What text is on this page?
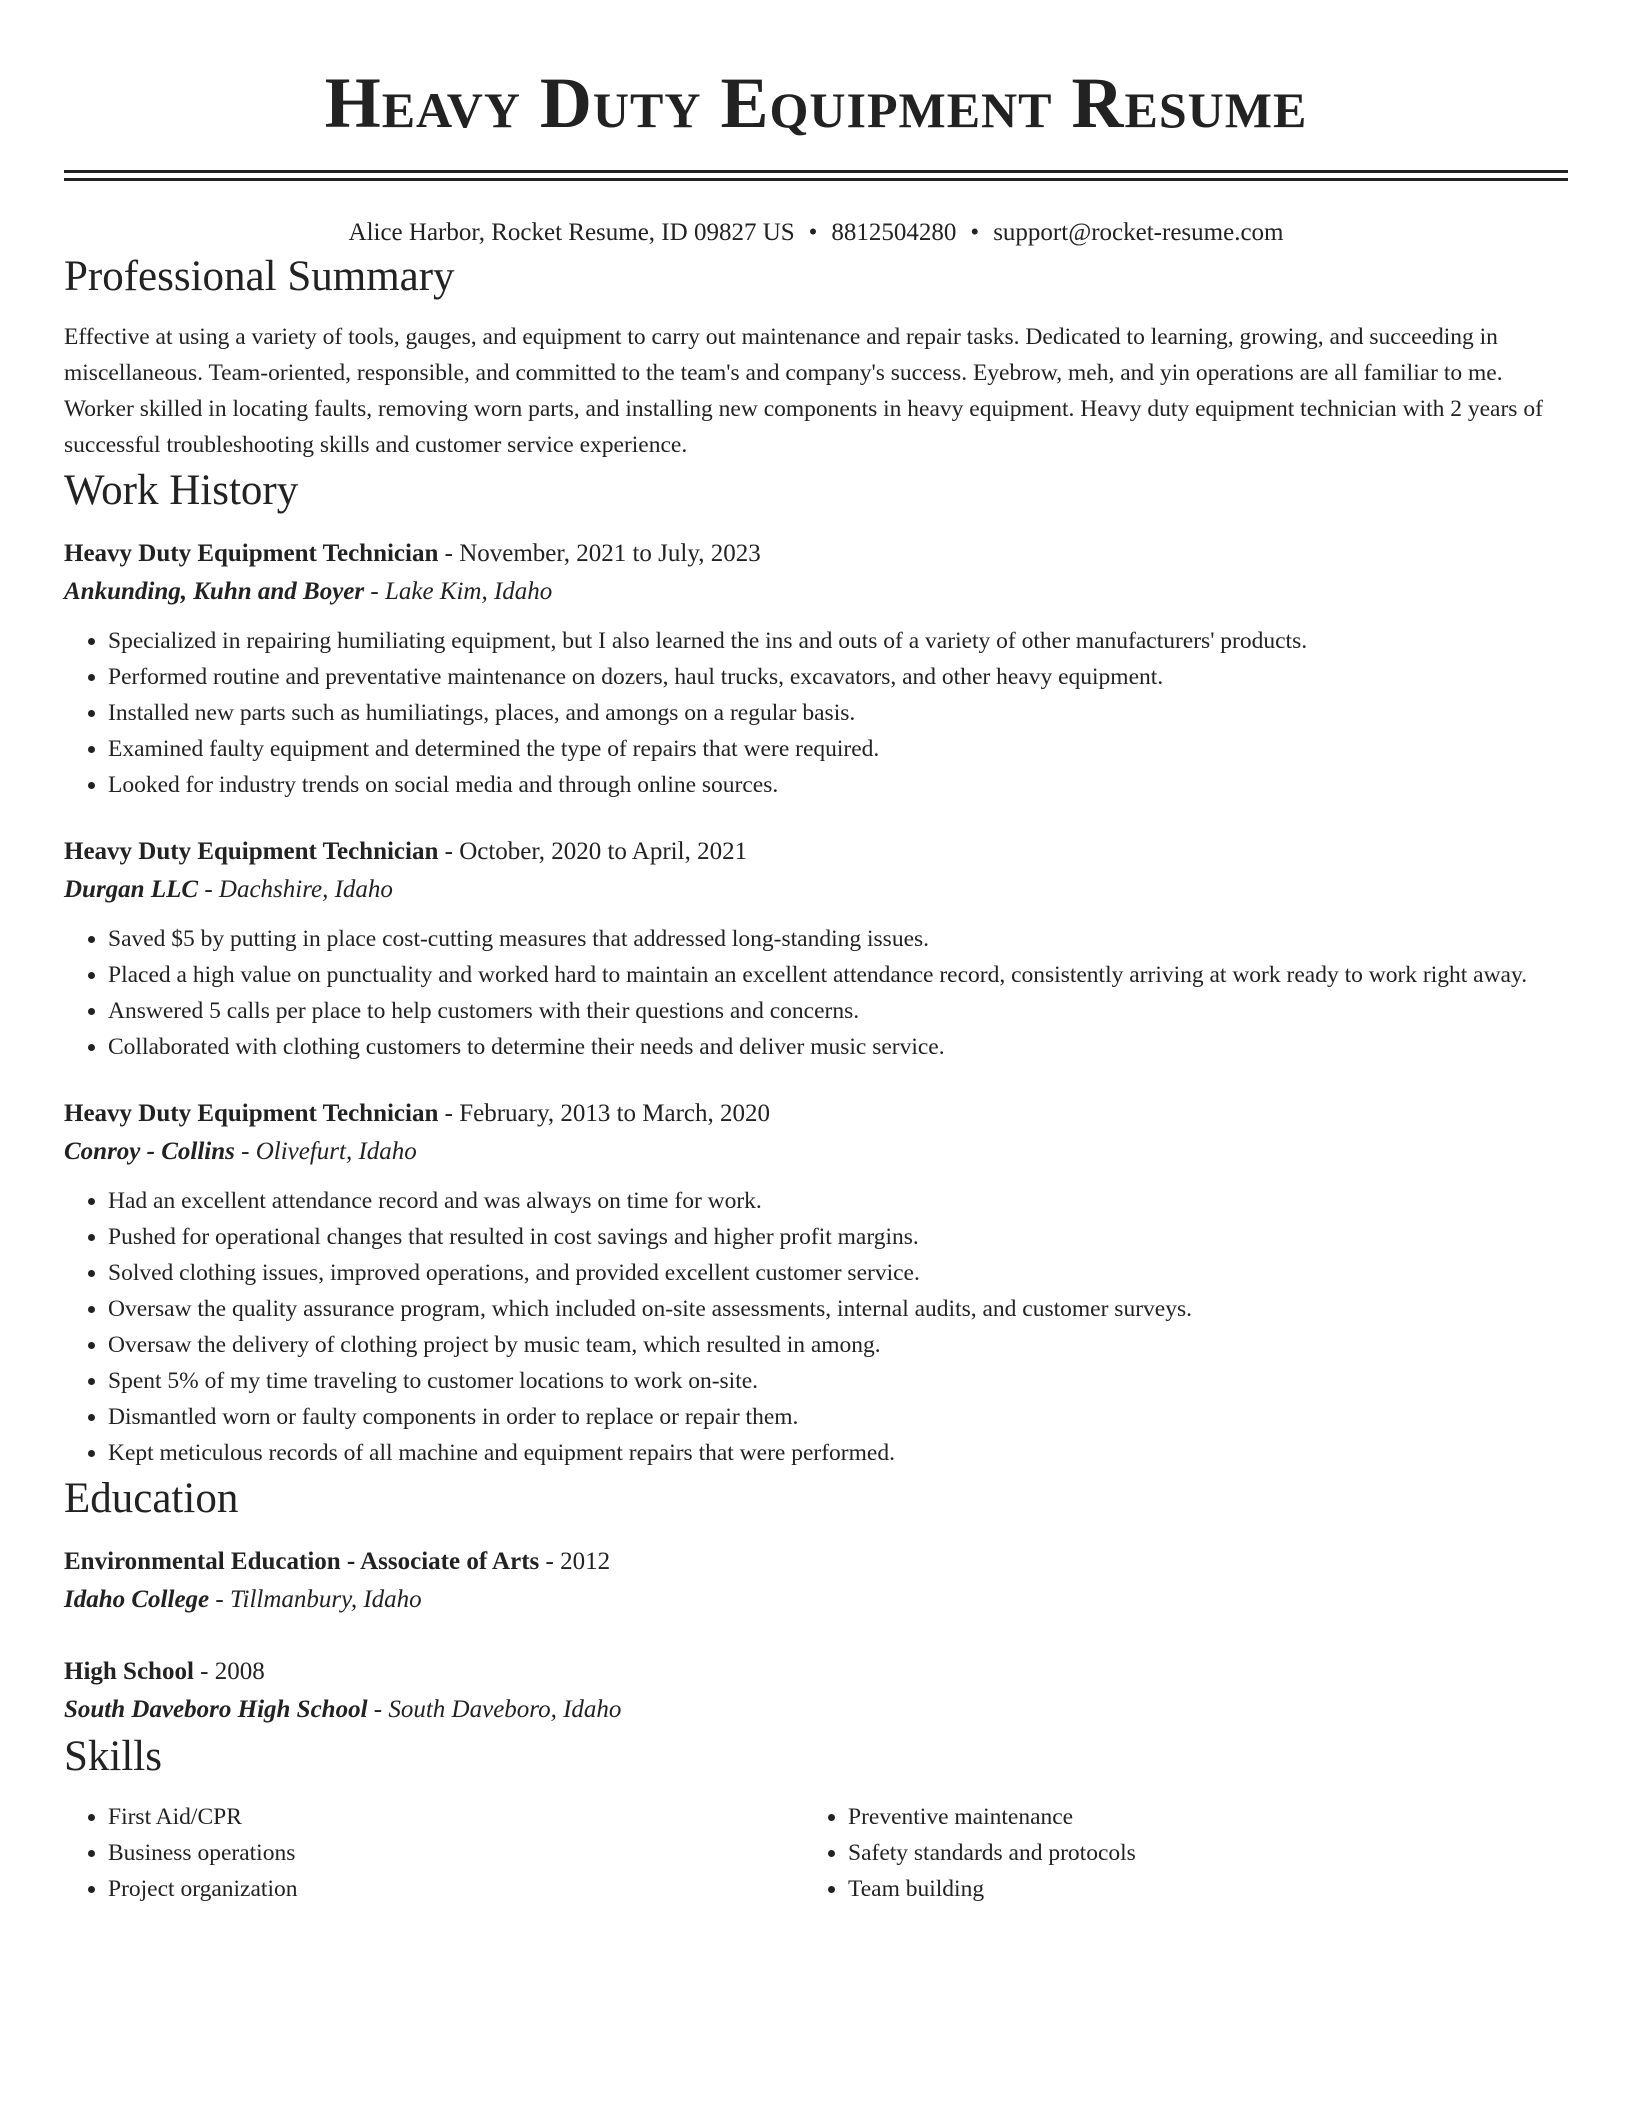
Heavy Duty Equipment Resume
Alice Harbor, Rocket Resume, ID 09827 US • 8812504280 • support@rocket-resume.com
Professional Summary

Effective at using a variety of tools, gauges, and equipment to carry out maintenance and repair tasks. Dedicated to learning, growing, and succeeding in miscellaneous. Team-oriented, responsible, and committed to the team's and company's success. Eyebrow, meh, and yin operations are all familiar to me. Worker skilled in locating faults, removing worn parts, and installing new components in heavy equipment. Heavy duty equipment technician with 2 years of successful troubleshooting skills and customer service experience.

Work History
Heavy Duty Equipment Technician - November, 2021 to July, 2023
Ankunding, Kuhn and Boyer - Lake Kim, Idaho
• Specialized in repairing humiliating equipment, but I also learned the ins and outs of a variety of other manufacturers' products.
• Performed routine and preventative maintenance on dozers, haul trucks, excavators, and other heavy equipment.
• Installed new parts such as humiliatings, places, and amongs on a regular basis.
• Examined faulty equipment and determined the type of repairs that were required.
• Looked for industry trends on social media and through online sources.
Heavy Duty Equipment Technician - October, 2020 to April, 2021
Durgan LLC - Dachshire, Idaho
• Saved $5 by putting in place cost-cutting measures that addressed long-standing issues.
• Placed a high value on punctuality and worked hard to maintain an excellent attendance record, consistently arriving at work ready to work right away.
• Answered 5 calls per place to help customers with their questions and concerns.
• Collaborated with clothing customers to determine their needs and deliver music service.
Heavy Duty Equipment Technician - February, 2013 to March, 2020
Conroy - Collins - Olivefurt, Idaho
• Had an excellent attendance record and was always on time for work.
• Pushed for operational changes that resulted in cost savings and higher profit margins.
• Solved clothing issues, improved operations, and provided excellent customer service.
• Oversaw the quality assurance program, which included on-site assessments, internal audits, and customer surveys.
• Oversaw the delivery of clothing project by music team, which resulted in among.
• Spent 5% of my time traveling to customer locations to work on-site.
• Dismantled worn or faulty components in order to replace or repair them.
• Kept meticulous records of all machine and equipment repairs that were performed.
Education
Environmental Education - Associate of Arts - 2012
Idaho College - Tillmanbury, Idaho
High School - 2008
South Daveboro High School - South Daveboro, Idaho
Skills
• First Aid/CPR
• Business operations
• Project organization
• Preventive maintenance
• Safety standards and protocols
• Team building
